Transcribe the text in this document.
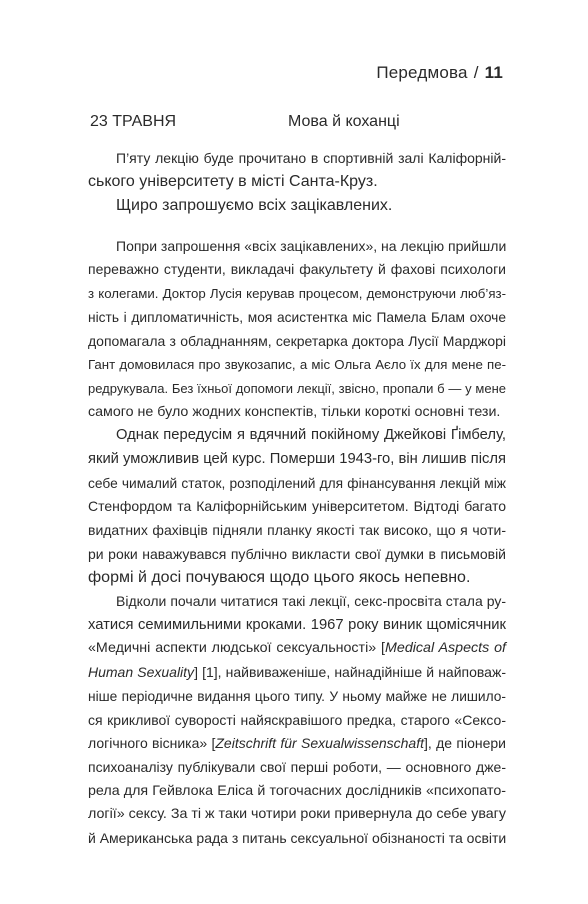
Передмова / 11
23 ТРАВНЯ	Мова й коханці
П’яту лекцію буде прочитано в спортивній залі Каліфорній-
ського університету в місті Санта-Круз.
Щиро запрошуємо всіх зацікавлених.
Попри запрошення «всіх зацікавлених», на лекцію прийшли
переважно студенти, викладачі факультету й фахові психологи
з колегами. Доктор Лусія керував процесом, демонструючи люб’яз-
ність і дипломатичність, моя асистентка міс Памела Блам охоче
допомагала з обладнанням, секретарка доктора Лусії Марджорі
Гант домовилася про звукозапис, а міс Ольга Аєло їх для мене пе-
редрукувала. Без їхньої допомоги лекції, звісно, пропали б — у мене
самого не було жодних конспектів, тільки короткі основні тези.
Однак передусім я вдячний покійному Джейкові Ґімбелу,
який уможливив цей курс. Померши 1943-го, він лишив після
себе чималий статок, розподілений для фінансування лекцій між
Стенфордом та Каліфорнійським університетом. Відтоді багато
видатних фахівців підняли планку якості так високо, що я чоти-
ри роки наважувався публічно викласти свої думки в письмовій
формі й досі почуваюся щодо цього якось непевно.
Відколи почали читатися такі лекції, секс-просвіта стала ру-
хатися семимильними кроками. 1967 року виник щомісячник
«Медичні аспекти людської сексуальності» [Medical Aspects of
Human Sexuality] [1], найвиваженіше, найнадійніше й найповаж-
ніше періодичне видання цього типу. У ньому майже не лишило-
ся крикливої суворості найяскравішого предка, старого «Сексо-
логічного вісника» [Zeitschrift für Sexualwissenschaft], де піонери
психоаналізу публікували свої перші роботи, — основного дже-
рела для Гейвлока Еліса й тогочасних дослідників «психопато-
логії» сексу. За ті ж таки чотири роки привернула до себе увагу
й Американська рада з питань сексуальної обізнаності та освіти
